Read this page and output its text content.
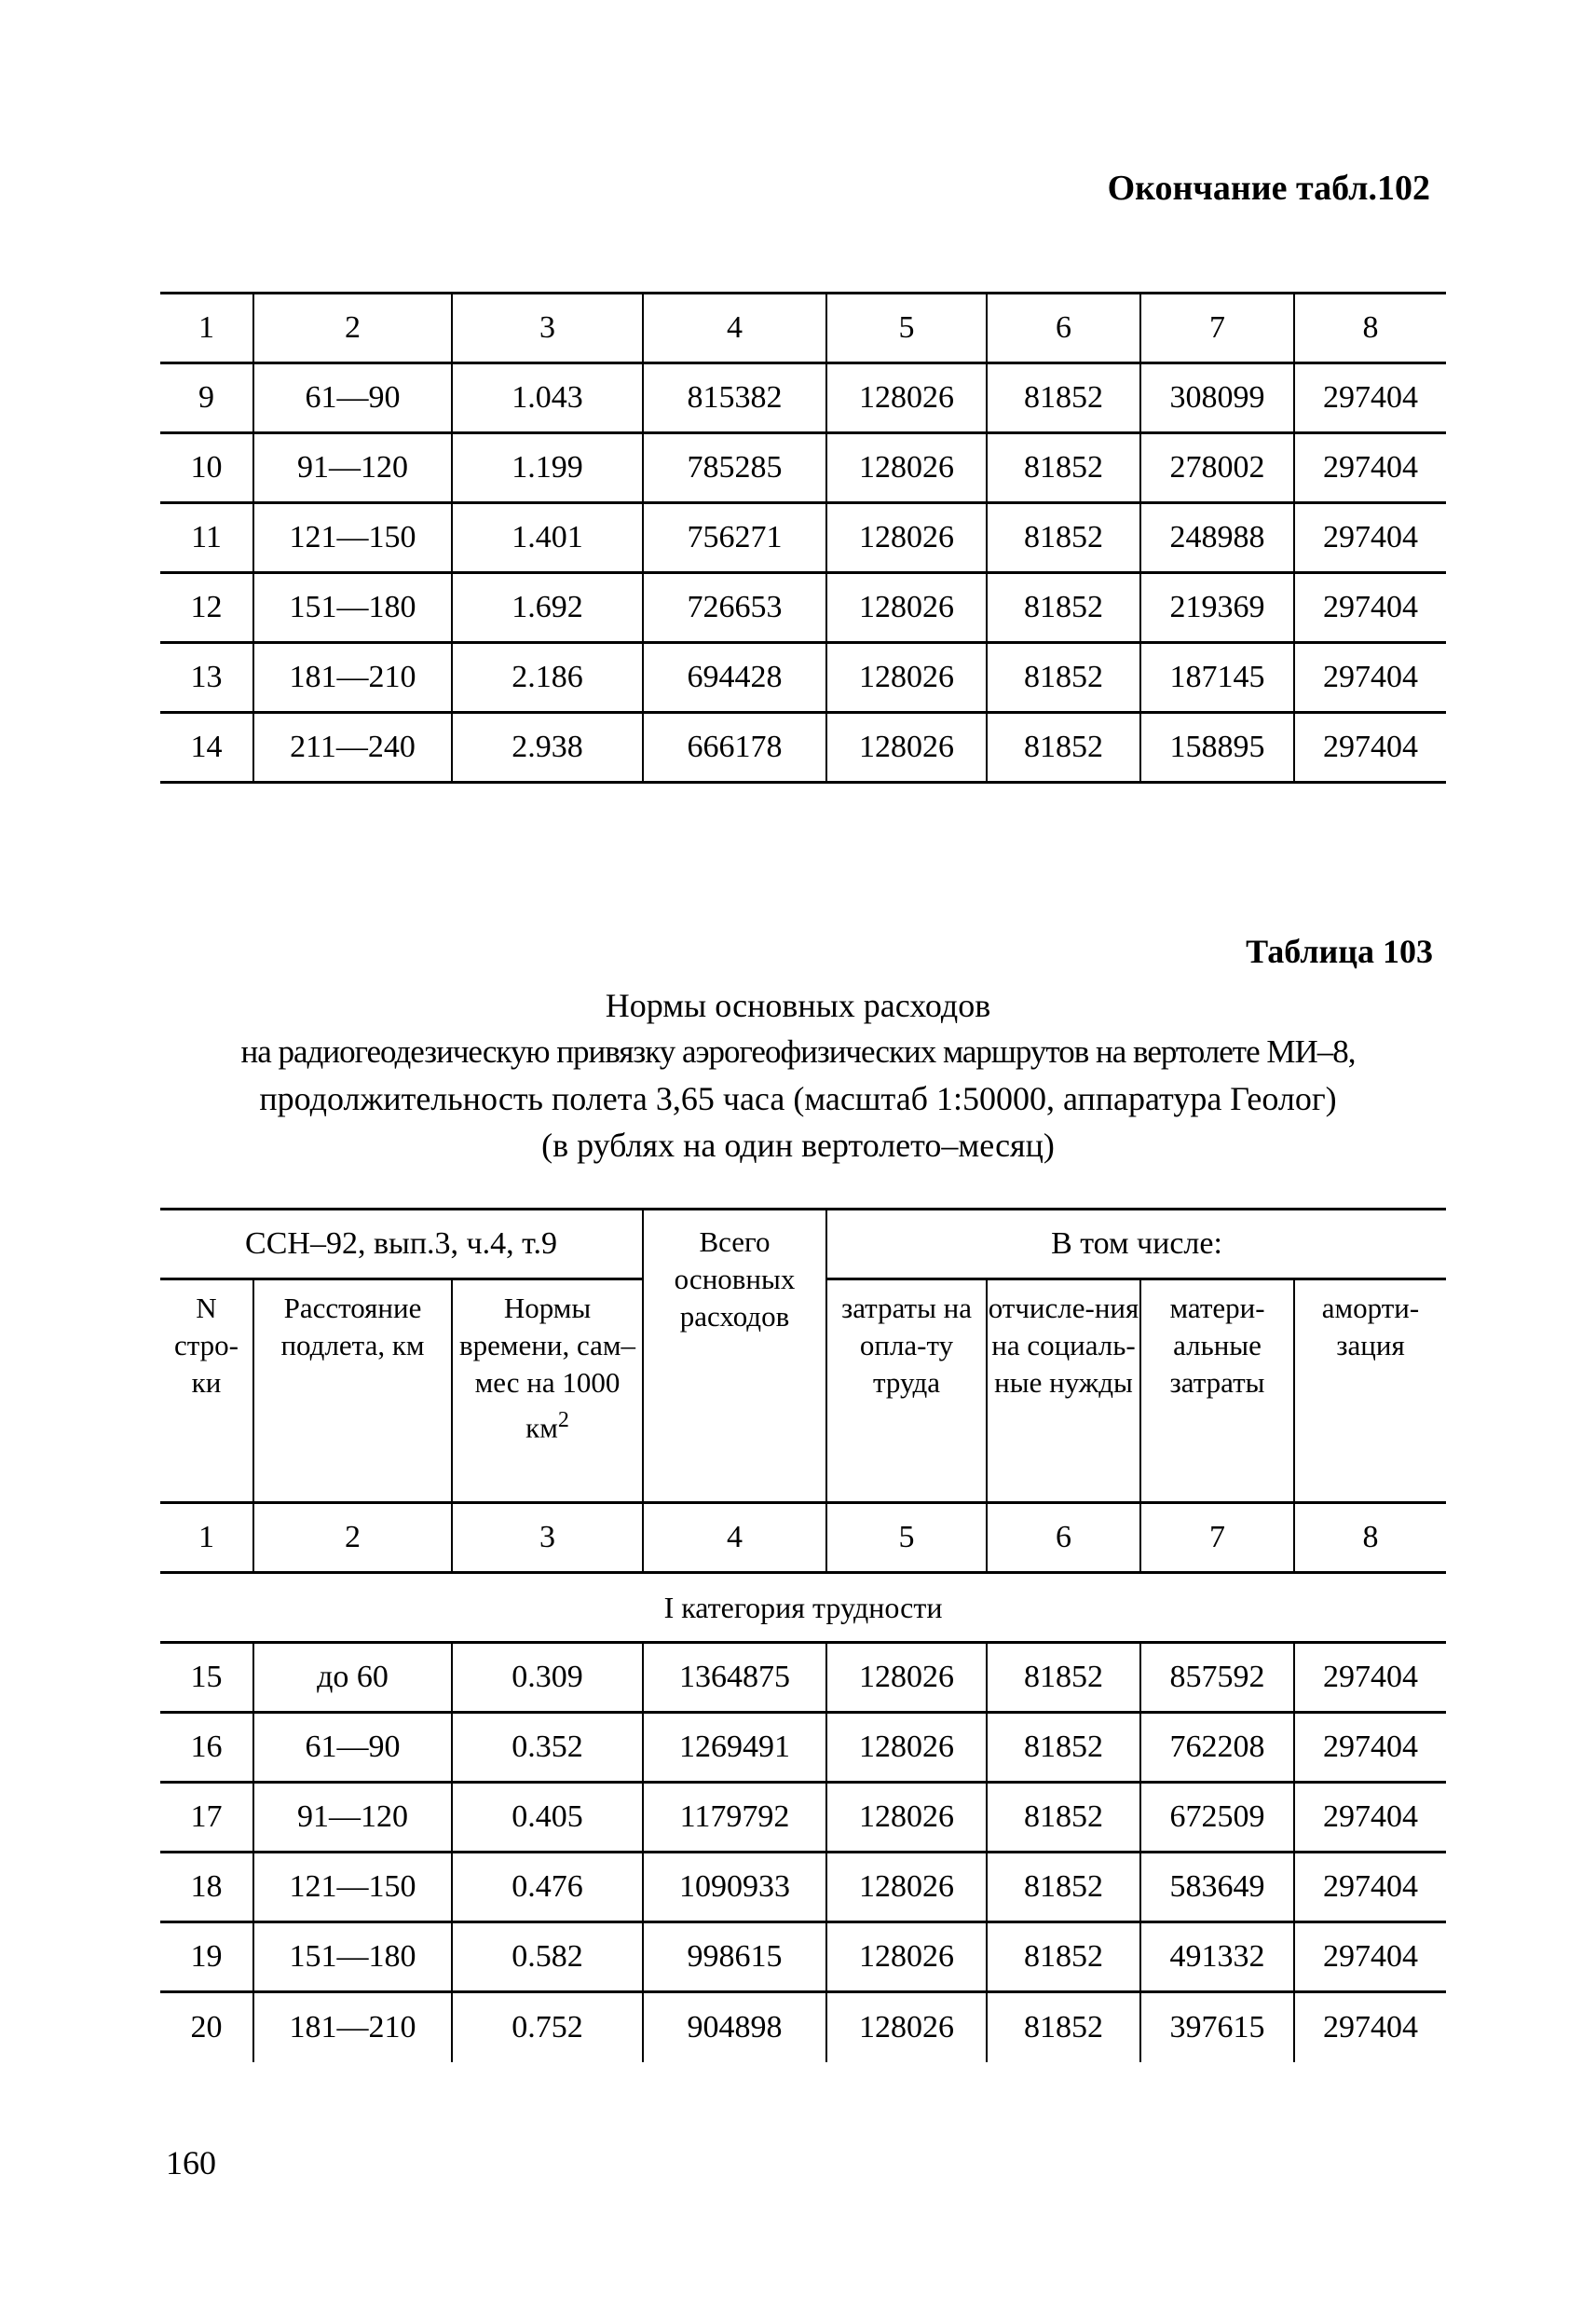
Окончание табл.102
1	2	3	4	5	6	7	8
9	61—90	1.043	815382	128026	81852	308099	297404
10	91—120	1.199	785285	128026	81852	278002	297404
11	121—150	1.401	756271	128026	81852	248988	297404
12	151—180	1.692	726653	128026	81852	219369	297404
13	181—210	2.186	694428	128026	81852	187145	297404
14	211—240	2.938	666178	128026	81852	158895	297404
Таблица 103
Нормы основных расходов
на радиогеодезическую привязку аэрогеофизических маршрутов на вертолете МИ–8,
продолжительность полета 3,65 часа (масштаб 1:50000, аппаратура Геолог)
(в рублях на один вертолето–месяц)
ССН–92, вып.3, ч.4, т.9			Всего основных расходов	В том числе:			
N стро-ки	Расстояние подлета, км	Нормы времени, сам–мес на 1000 $км^2$		затраты на опла-ту труда	отчисле-ния на социаль-ные нужды	матери-альные затраты	аморти-зация
1	2	3	4	5	6	7	8
I категория трудности							
15	до 60	0.309	1364875	128026	81852	857592	297404
16	61—90	0.352	1269491	128026	81852	762208	297404
17	91—120	0.405	1179792	128026	81852	672509	297404
18	121—150	0.476	1090933	128026	81852	583649	297404
19	151—180	0.582	998615	128026	81852	491332	297404
20	181—210	0.752	904898	128026	81852	397615	297404
160
